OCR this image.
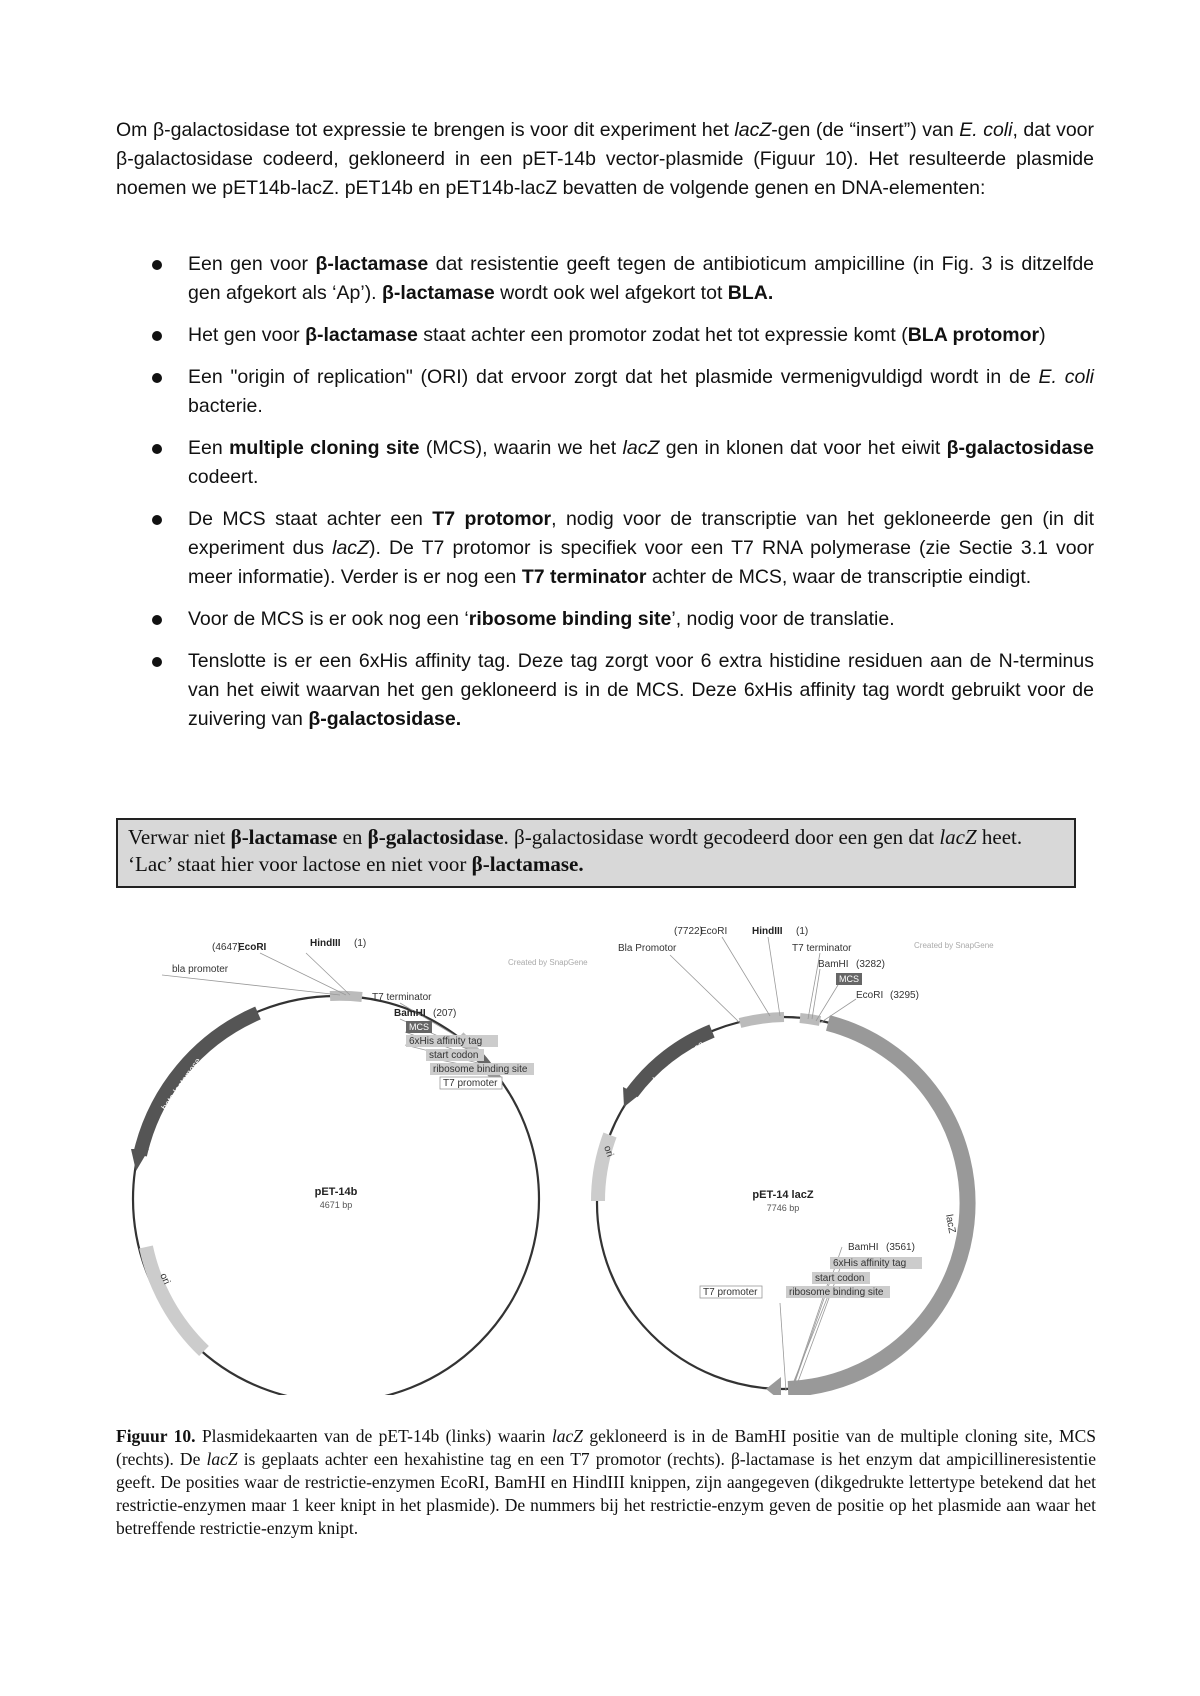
Om β-galactosidase tot expressie te brengen is voor dit experiment het lacZ-gen (de “insert”) van E. coli, dat voor β-galactosidase codeerd, gekloneerd in een pET-14b vector-plasmide (Figuur 10). Het resulteerde plasmide noemen we pET14b-lacZ. pET14b en pET14b-lacZ bevatten de volgende genen en DNA-elementen:

Een gen voor β-lactamase dat resistentie geeft tegen de antibioticum ampicilline (in Fig. 3 is ditzelfde gen afgekort als ‘Ap’). β-lactamase wordt ook wel afgekort tot BLA.
Het gen voor β-lactamase staat achter een promotor zodat het tot expressie komt (BLA protomor)
Een "origin of replication" (ORI) dat ervoor zorgt dat het plasmide vermenigvuldigd wordt in de E. coli bacterie.
Een multiple cloning site (MCS), waarin we het lacZ gen in klonen dat voor het eiwit β-galactosidase codeert.
De MCS staat achter een T7 protomor, nodig voor de transcriptie van het gekloneerde gen (in dit experiment dus lacZ). De T7 protomor is specifiek voor een T7 RNA polymerase (zie Sectie 3.1 voor meer informatie). Verder is er nog een T7 terminator achter de MCS, waar de transcriptie eindigt.
Voor de MCS is er ook nog een ‘ribosome binding site’, nodig voor de translatie.
Tenslotte is er een 6xHis affinity tag. Deze tag zorgt voor 6 extra histidine residuen aan de N-terminus van het eiwit waarvan het gen gekloneerd is in de MCS. Deze 6xHis affinity tag wordt gebruikt voor de zuivering van β-galactosidase.
Verwar niet β-lactamase en β-galactosidase. β-galactosidase wordt gecodeerd door een gen dat lacZ heet. ‘Lac’ staat hier voor lactose en niet voor β-lactamase.
Created by SnapGene
beta-lactamase
ori
pET-14b
4671 bp
(4647)
EcoRI	HindIII (1)
bla promoter
T7 terminator
BamHI (207)
MCS
6xHis affinity tag
start codon
ribosome binding site
T7 promoter
Created by SnapGene
beta-lactamase
ori
lacZ
pET-14 lacZ
7746 bp
(7722)
EcoRI HindIII (1)
Bla Promotor	T7 terminator
BamHI (3282)
MCS
EcoRI (3295)
BamHI (3561)
6xHis affinity tag
start codon
ribosome binding site
T7 promoter

Figuur 10. Plasmidekaarten van de pET-14b (links) waarin lacZ gekloneerd is in de BamHI positie van de multiple cloning site, MCS (rechts). De lacZ is geplaats achter een hexahistine tag en een T7 promotor (rechts). β-lactamase is het enzym dat ampicillineresistentie geeft. De posities waar de restrictie-enzymen EcoRI, BamHI en HindIII knippen, zijn aangegeven (dikgedrukte lettertype betekend dat het restrictie-enzymen maar 1 keer knipt in het plasmide). De nummers bij het restrictie-enzym geven de positie op het plasmide aan waar het betreffende restrictie-enzym knipt.
